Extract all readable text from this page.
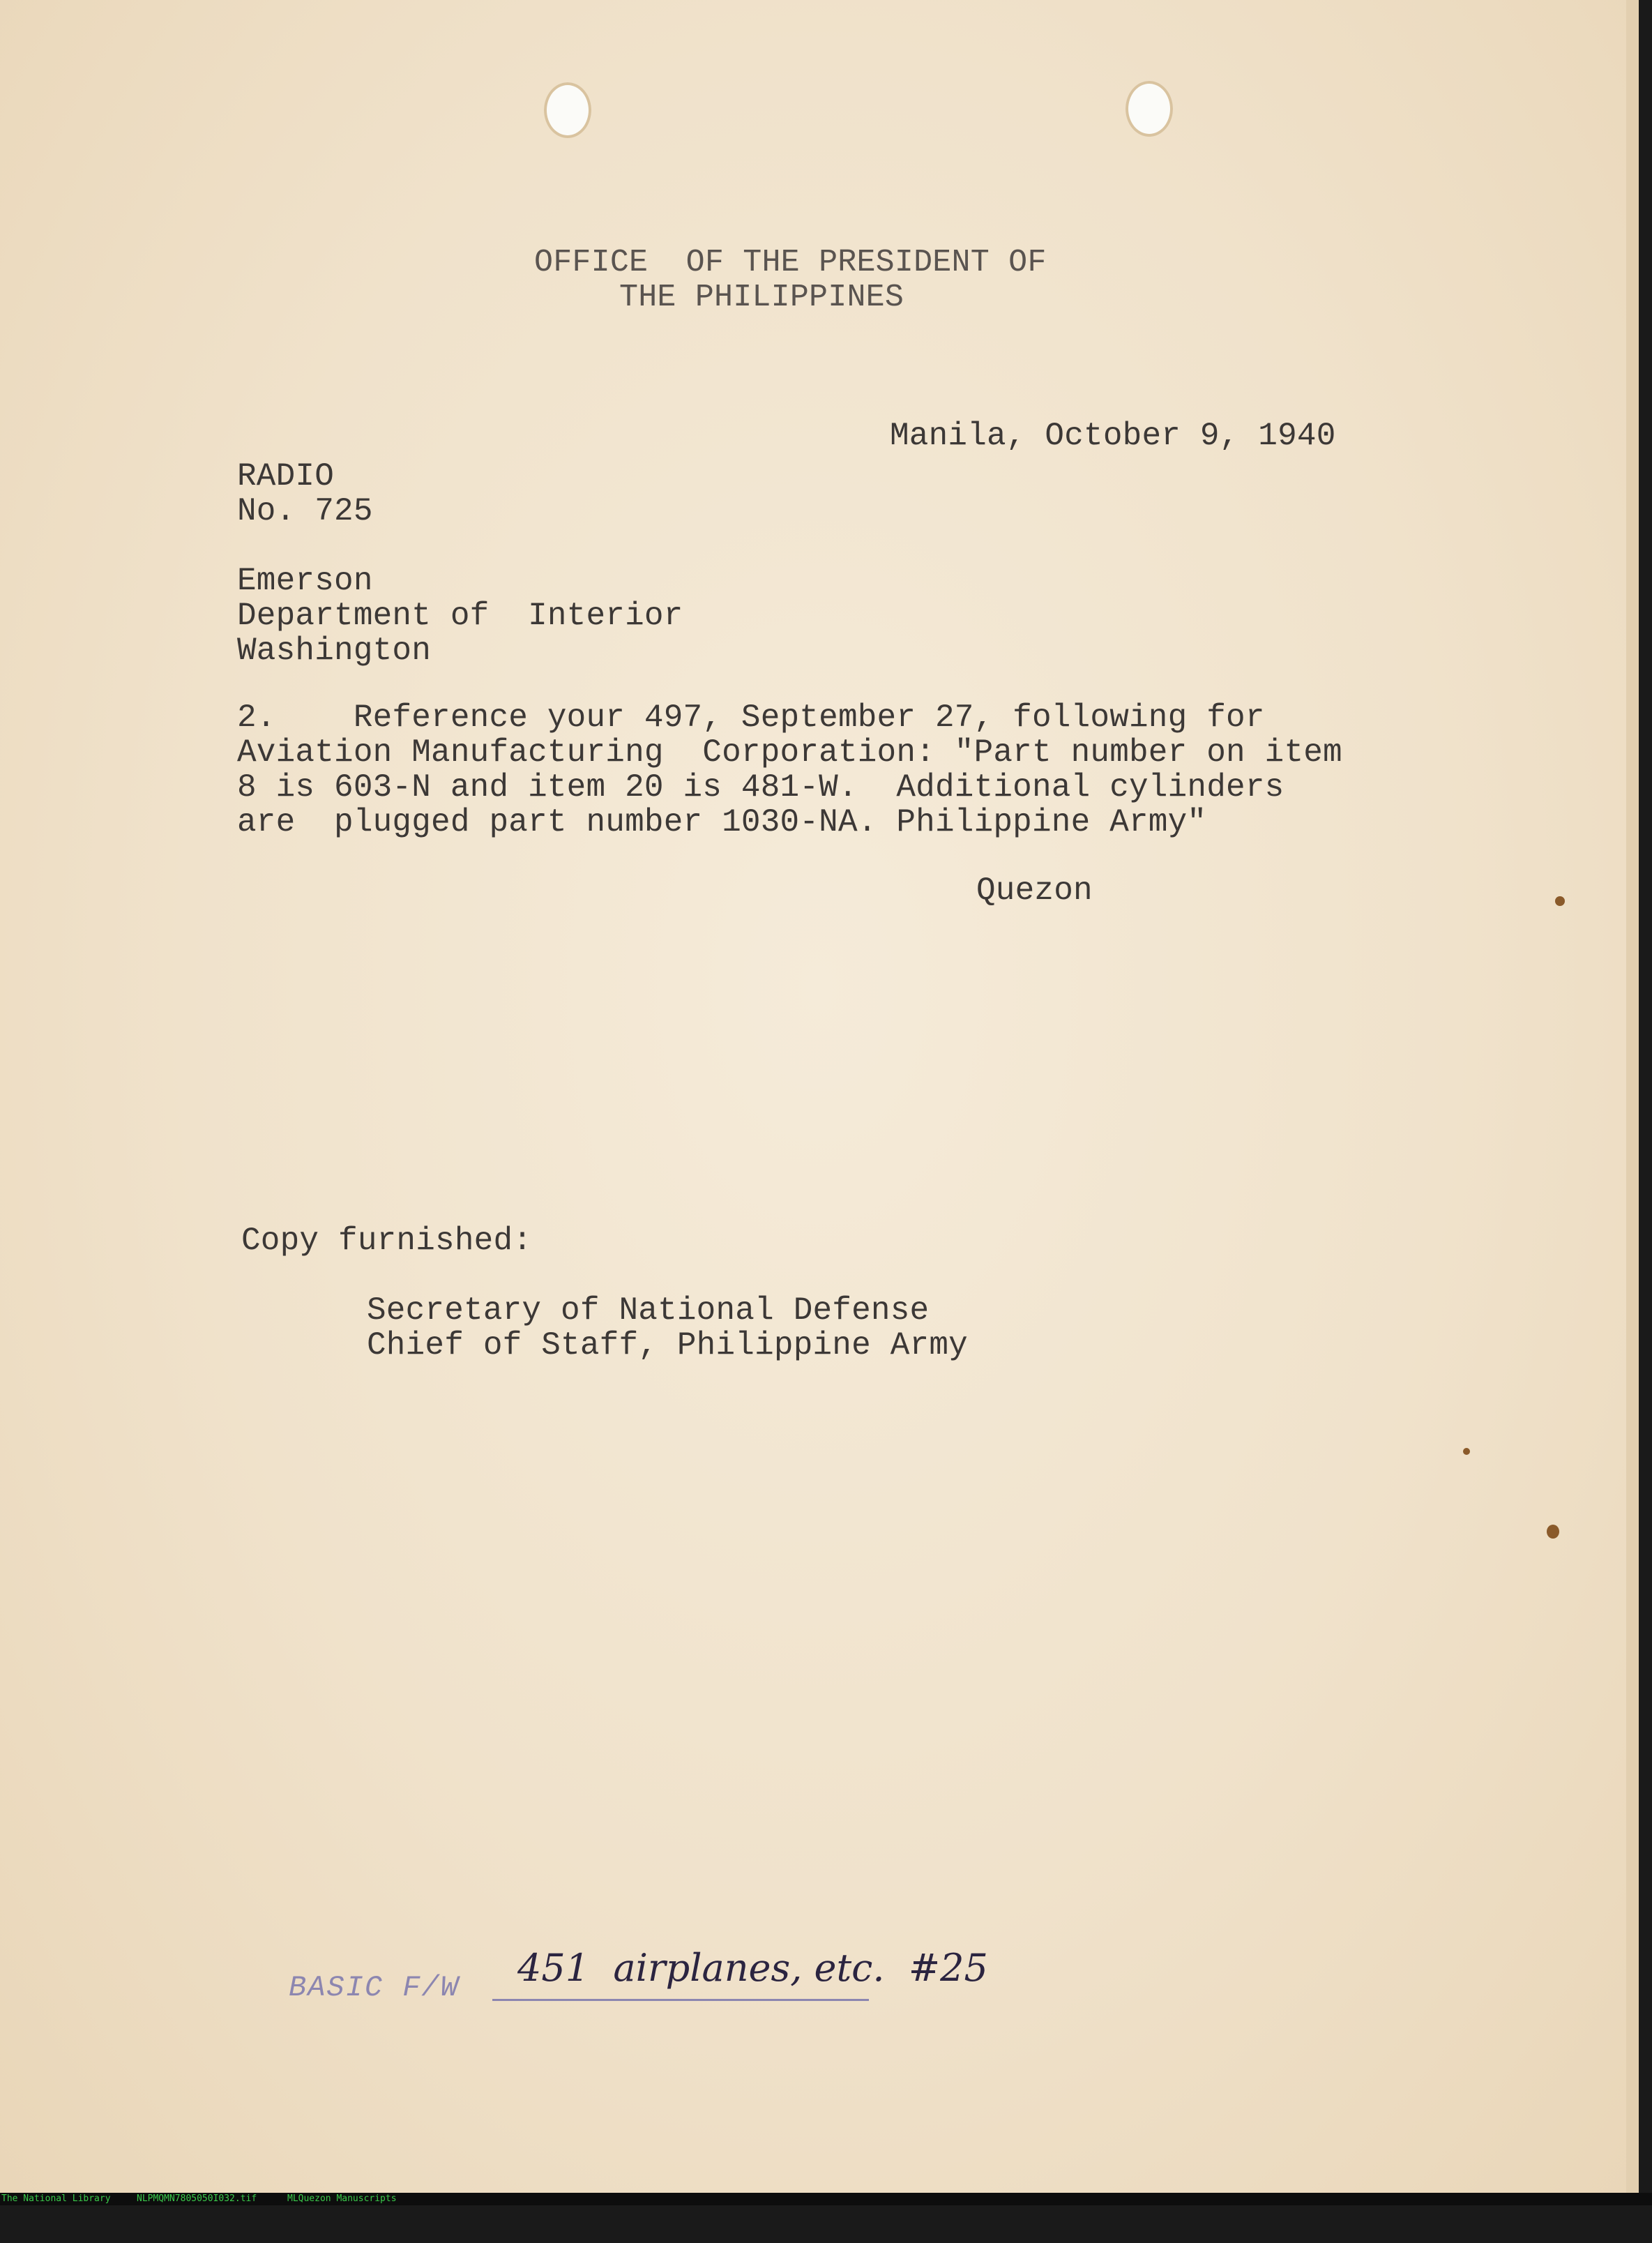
OFFICE  OF THE PRESIDENT OF
THE PHILIPPINES
Manila, October 9, 1940
RADIO
No. 725
Emerson
Department of  Interior
Washington
2.    Reference your 497, September 27, following for
Aviation Manufacturing  Corporation: "Part number on item
8 is 603-N and item 20 is 481-W.  Additional cylinders
are  plugged part number 1030-NA. Philippine Army"
Quezon
Copy furnished:
Secretary of National Defense
Chief of Staff, Philippine Army
BASIC F/W 451  airplanes, etc.  #25

The National Library

	NLPMQMN7805050I032.tif

	MLQuezon Manuscripts
